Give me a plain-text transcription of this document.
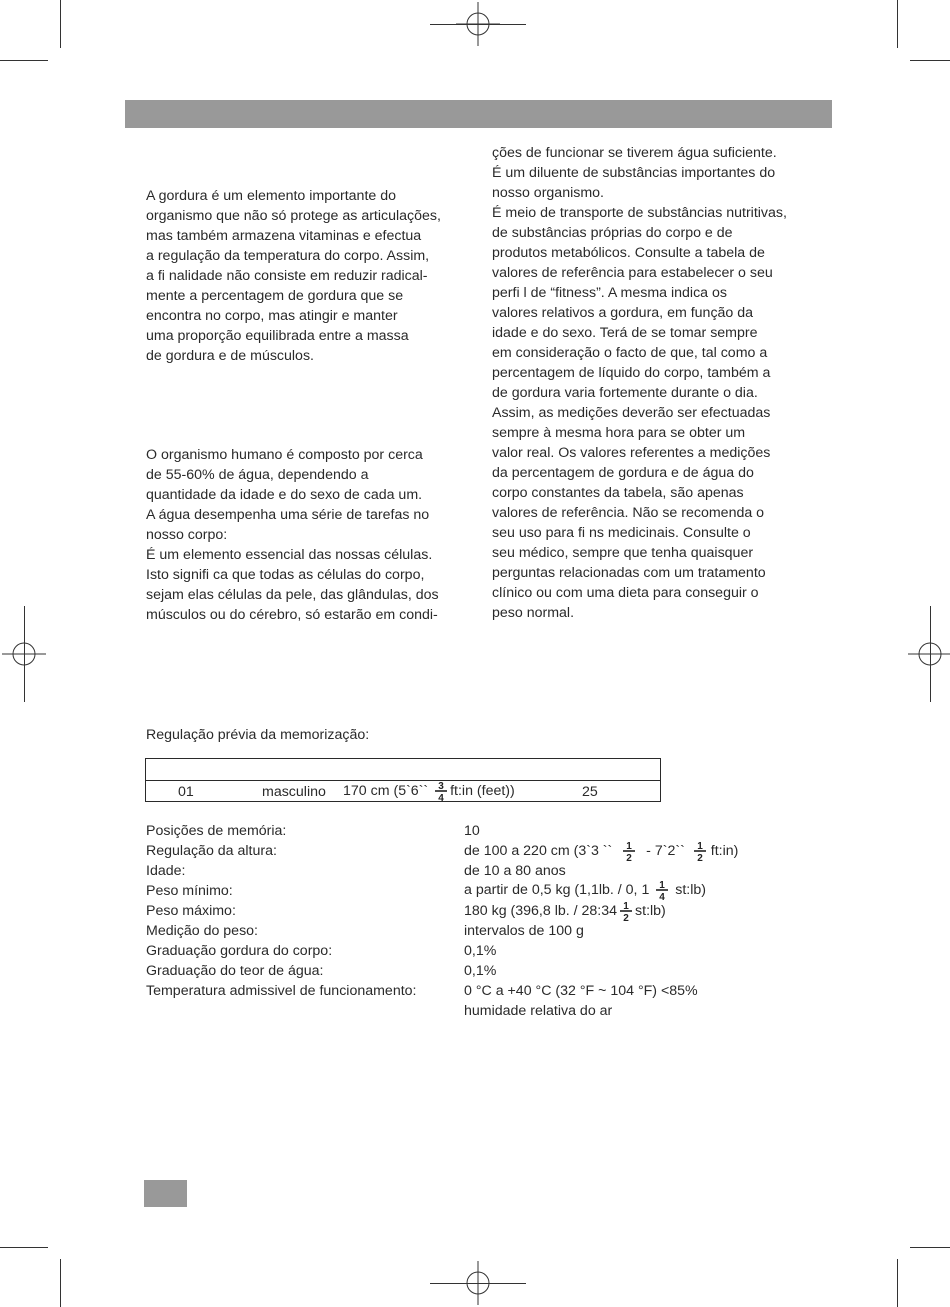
A gordura é um elemento importante do
organismo que não só protege as articulações,
mas também armazena vitaminas e efectua
a regulação da temperatura do corpo. Assim,
a fi nalidade não consiste em reduzir radical-
mente a percentagem de gordura que se
encontra no corpo, mas atingir e manter
uma proporção equilibrada entre a massa
de gordura e de músculos.

O organismo humano é composto por cerca
de 55-60% de água, dependendo a
quantidade da idade e do sexo de cada um.
A água desempenha uma série de tarefas no
nosso corpo:
É um elemento essencial das nossas células.
Isto signifi ca que todas as células do corpo,
sejam elas células da pele, das glândulas, dos
músculos ou do cérebro, só estarão em condi-

ções de funcionar se tiverem água suficiente.
É um diluente de substâncias importantes do
nosso organismo.
É meio de transporte de substâncias nutritivas,
de substâncias próprias do corpo e de
produtos metabólicos. Consulte a tabela de
valores de referência para estabelecer o seu
perfi l de “fitness”. A mesma indica os
valores relativos a gordura, em função da
idade e do sexo. Terá de se tomar sempre
em consideração o facto de que, tal como a
percentagem de líquido do corpo, também a
de gordura varia fortemente durante o dia.
Assim, as medições deverão ser efectuadas
sempre à mesma hora para se obter um
valor real. Os valores referentes a medições
da percentagem de gordura e de água do
corpo constantes da tabela, são apenas
valores de referência. Não se recomenda o
seu uso para fi ns medicinais. Consulte o
seu médico, sempre que tenha quaisquer
perguntas relacionadas com um tratamento
clínico ou com uma dieta para conseguir o
peso normal.

Regulação prévia da memorização:
01	masculino 170 cm (5`6`` 3
4 ft:in (feet))	25
Posições de memória:	10
Regulação da altura:	de 100 a 220 cm (3`3 `` 1
2 - 7`2`` 1
2 ft:in)
Idade:	de 10 a 80 anos
Peso mínimo:	a partir de 0,5 kg (1,1lb. / 0, 1 1
4 st:lb)
Peso máximo:	180 kg (396,8 lb. / 28:34 1
2 st:lb)
Medição do peso:	intervalos de 100 g
Graduação gordura do corpo:	0,1%
Graduação do teor de água:	0,1%
Temperatura admissivel de funcionamento:	0 °C a +40 °C (32 °F ~ 104 °F) <85%
humidade relativa do ar
